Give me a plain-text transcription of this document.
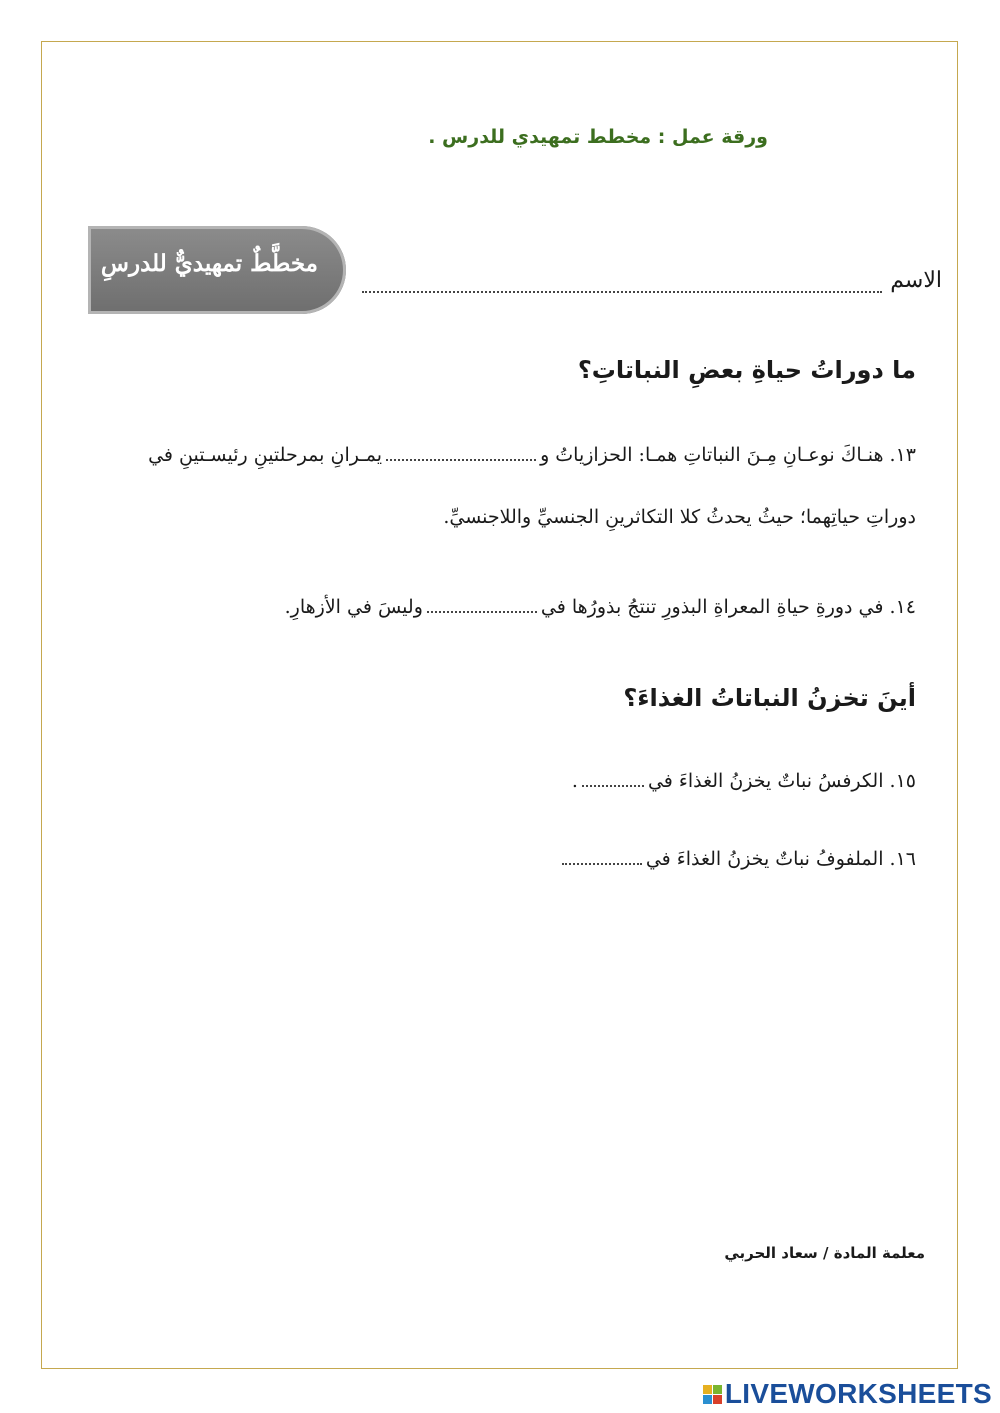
ورقة عمل : مخطط تمهيدي للدرس .
مخطَّطٌ تمهيديٌّ للدرسِ
الاسم
ما دوراتُ حياةِ بعضِ النباتاتِ؟
١٣. هنـاكَ نوعـانِ مِـنَ النباتاتِ همـا: الحزازياتُ ويمـرانِ بمرحلتينِ رئيسـتينِ في دوراتِ حياتِهما؛ حيثُ يحدثُ كلا التكاثرينِ الجنسيِّ واللاجنسيِّ.
١٤. في دورةِ حياةِ المعراةِ البذورِ تنتجُ بذورُها فيوليسَ في الأزهارِ.
أينَ تخزنُ النباتاتُ الغذاءَ؟
١٥. الكرفسُ نباتٌ يخزنُ الغذاءَ في.
١٦. الملفوفُ نباتٌ يخزنُ الغذاءَ في
معلمة المادة / سعاد الحربي
LIVEWORKSHEETS
